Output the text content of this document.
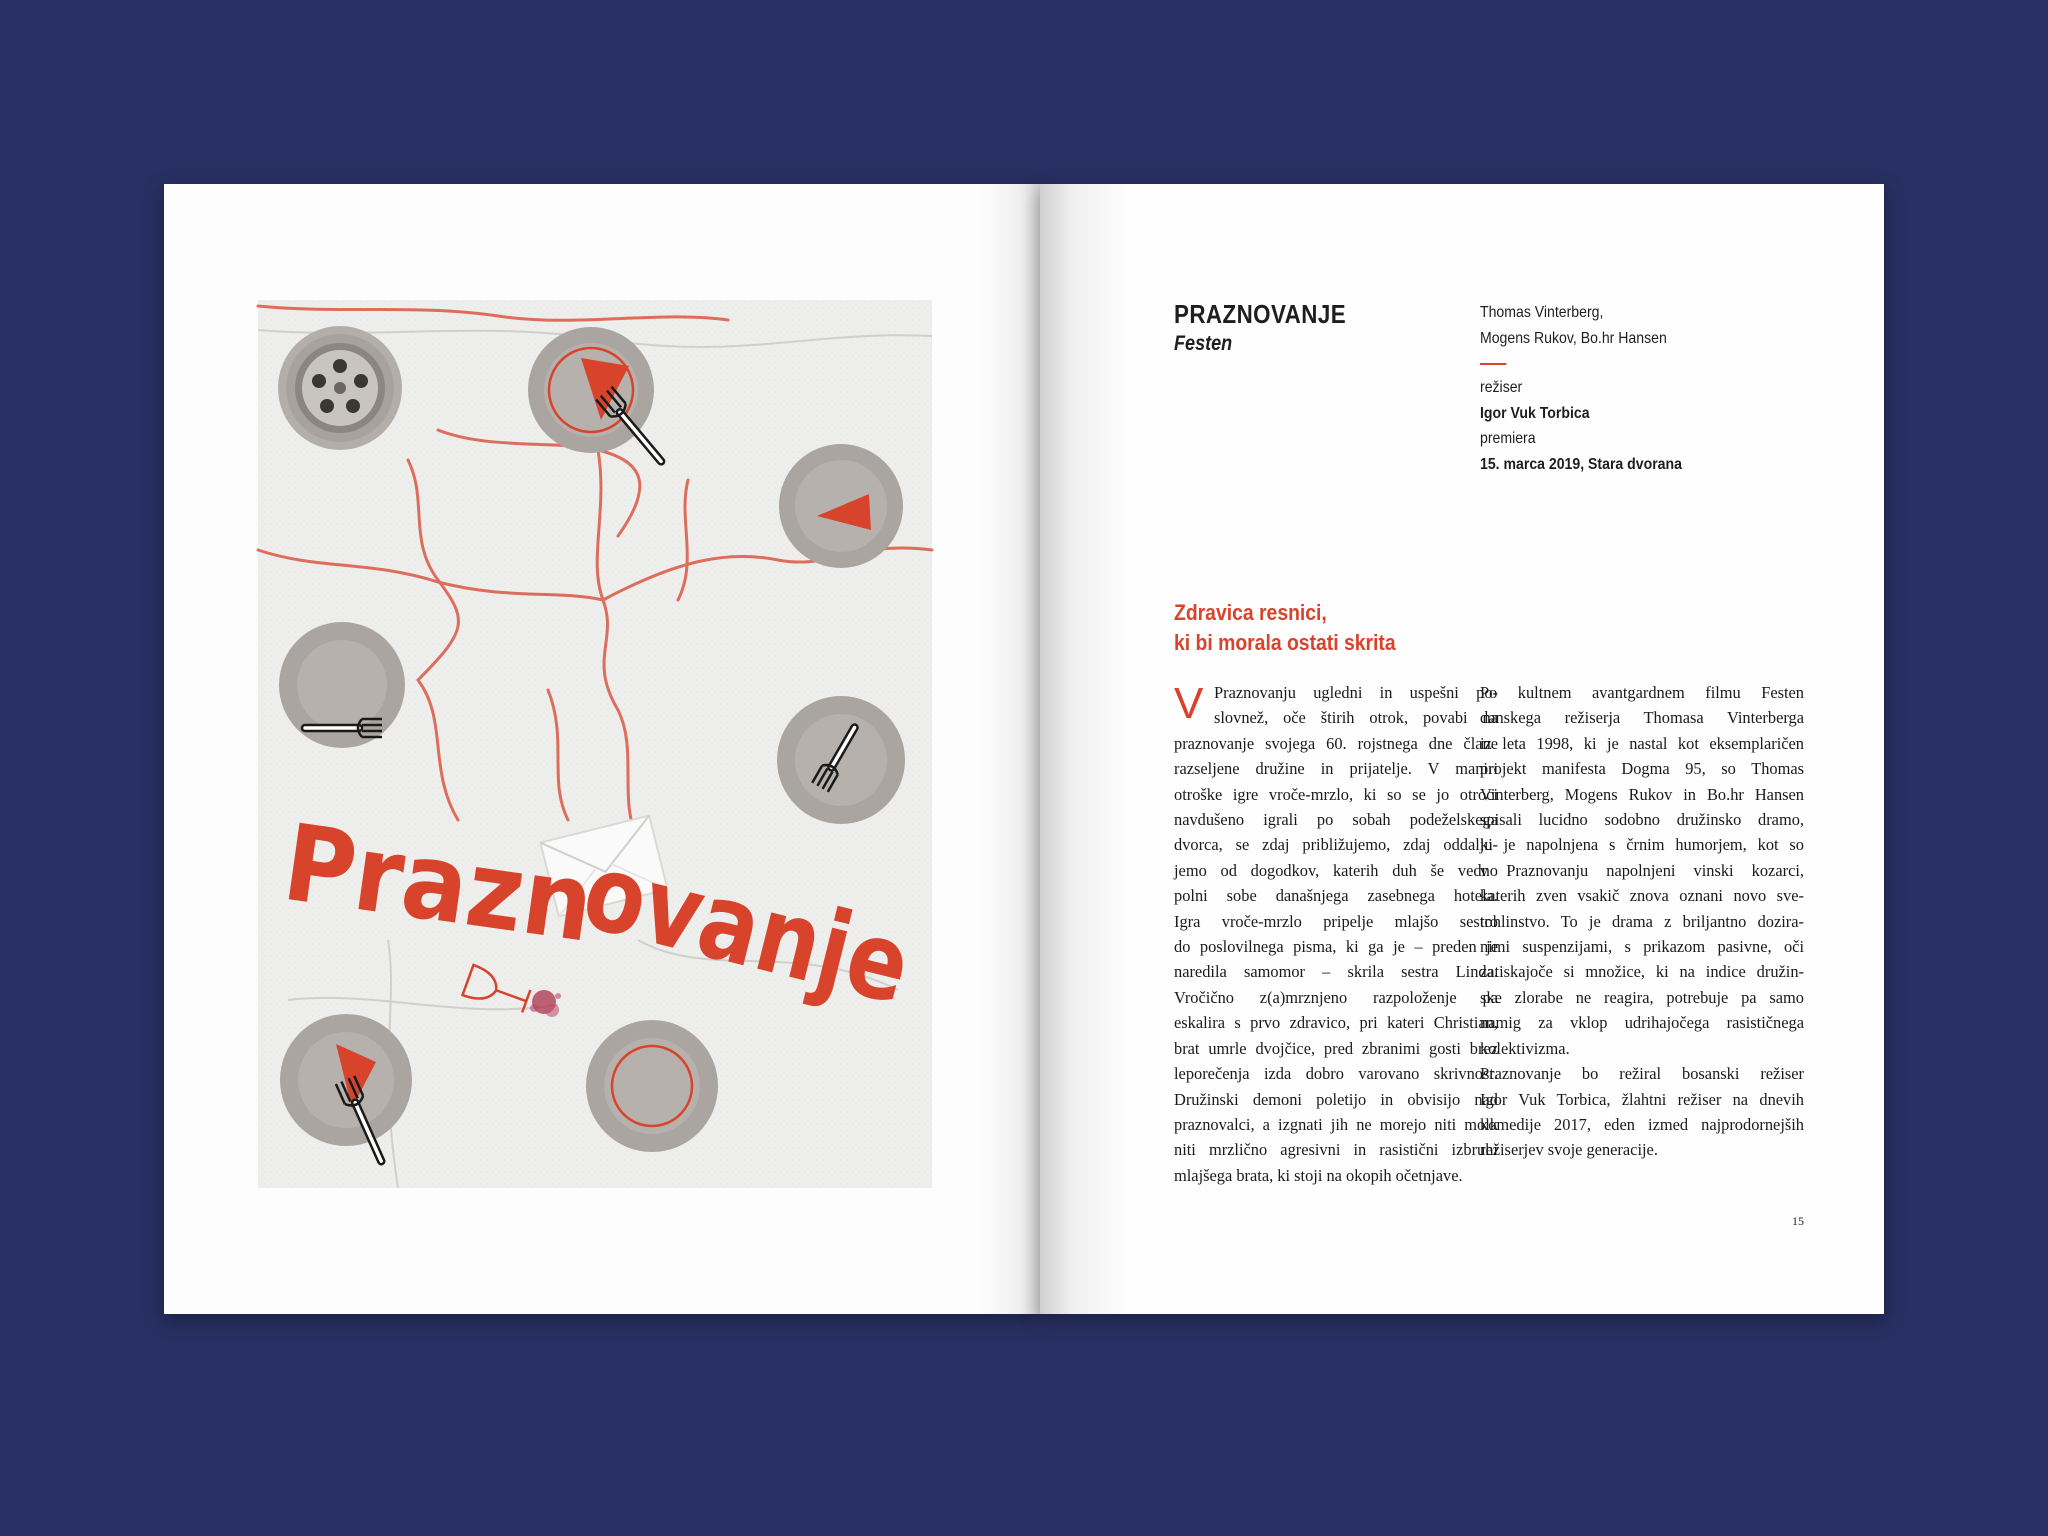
Prazn
ovanje
PRAZNOVANJE
Festen
Thomas Vinterberg,
Mogens Rukov, Bo.hr Hansen
režiser
Igor Vuk Torbica
premiera
15. marca 2019, Stara dvorana
Zdravica resnici,
ki bi morala ostati skrita
V Praznovanju ugledni in uspešni po-
slovnež, oče štirih otrok, povabi na
praznovanje svojega 60. rojstnega dne člane
razseljene družine in prijatelje. V maniri
otroške igre vroče-mrzlo, ki so se jo otroci
navdušeno igrali po sobah podeželskega
dvorca, se zdaj približujemo, zdaj oddalju-
jemo od dogodkov, katerih duh še vedno
polni sobe današnjega zasebnega hotela.
Igra vroče-mrzlo pripelje mlajšo sestro
do poslovilnega pisma, ki ga je – preden je
naredila samomor – skrila sestra Linda.
Vročično z(a)mrznjeno razpoloženje pa
eskalira s prvo zdravico, pri kateri Christian,
brat umrle dvojčice, pred zbranimi gosti brez
leporečenja izda dobro varovano skrivnost.
Družinski demoni poletijo in obvisijo nad
praznovalci, a izgnati jih ne morejo niti molk
niti mrzlično agresivni in rasistični izbruhi
mlajšega brata, ki stoji na okopih očetnjave.
Po kultnem avantgardnem filmu Festen
danskega režiserja Thomasa Vinterberga
iz leta 1998, ki je nastal kot eksemplaričen
projekt manifesta Dogma 95, so Thomas
Vinterberg, Mogens Rukov in Bo.hr Hansen
spisali lucidno sodobno družinsko dramo,
ki je napolnjena s črnim humorjem, kot so
v Praznovanju napolnjeni vinski kozarci,
katerih zven vsakič znova oznani novo sve-
tohlinstvo. To je drama z briljantno dozira-
nimi suspenzijami, s prikazom pasivne, oči
zatiskajoče si množice, ki na indice družin-
ske zlorabe ne reagira, potrebuje pa samo
namig za vklop udrihajočega rasističnega
kolektivizma.
Praznovanje bo režiral bosanski režiser
Igor Vuk Torbica, žlahtni režiser na dnevih
komedije 2017, eden izmed najprodornejših
režiserjev svoje generacije.
15
